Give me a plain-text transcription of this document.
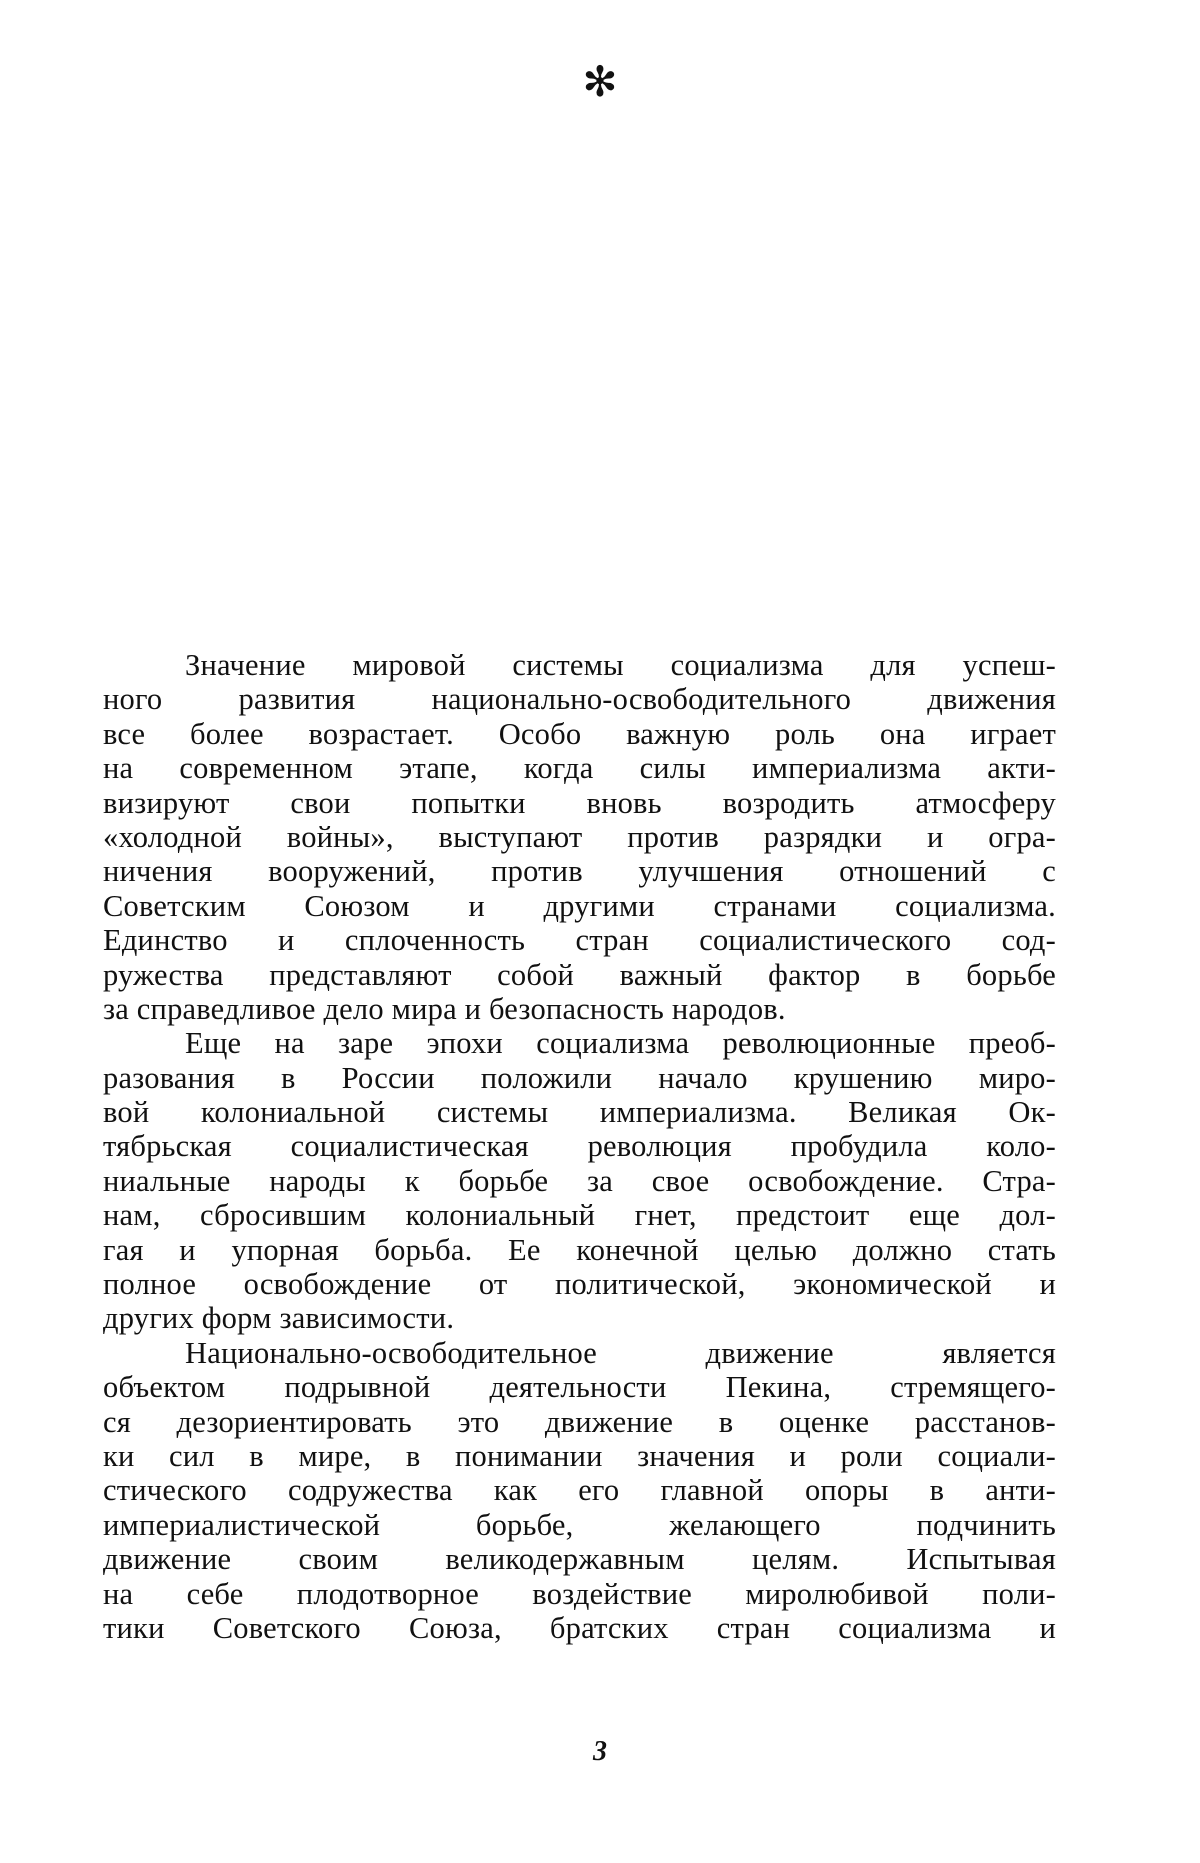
✻
Значение мировой системы социализма для успеш-
ного развития национально-освободительного движения
все более возрастает. Особо важную роль она играет
на современном этапе, когда силы империализма акти-
визируют свои попытки вновь возродить атмосферу
«холодной войны», выступают против разрядки и огра-
ничения вооружений, против улучшения отношений с
Советским Союзом и другими странами социализма.
Единство и сплоченность стран социалистического сод-
ружества представляют собой важный фактор в борьбе
за справедливое дело мира и безопасность народов.
Еще на заре эпохи социализма революционные преоб-
разования в России положили начало крушению миро-
вой колониальной системы империализма. Великая Ок-
тябрьская социалистическая революция пробудила коло-
ниальные народы к борьбе за свое освобождение. Стра-
нам, сбросившим колониальный гнет, предстоит еще дол-
гая и упорная борьба. Ее конечной целью должно стать
полное освобождение от политической, экономической и
других форм зависимости.
Национально-освободительное движение является
объектом подрывной деятельности Пекина, стремящего-
ся дезориентировать это движение в оценке расстанов-
ки сил в мире, в понимании значения и роли социали-
стического содружества как его главной опоры в анти-
империалистической борьбе, желающего подчинить
движение своим великодержавным целям. Испытывая
на себе плодотворное воздействие миролюбивой поли-
тики Советского Союза, братских стран социализма и
3
